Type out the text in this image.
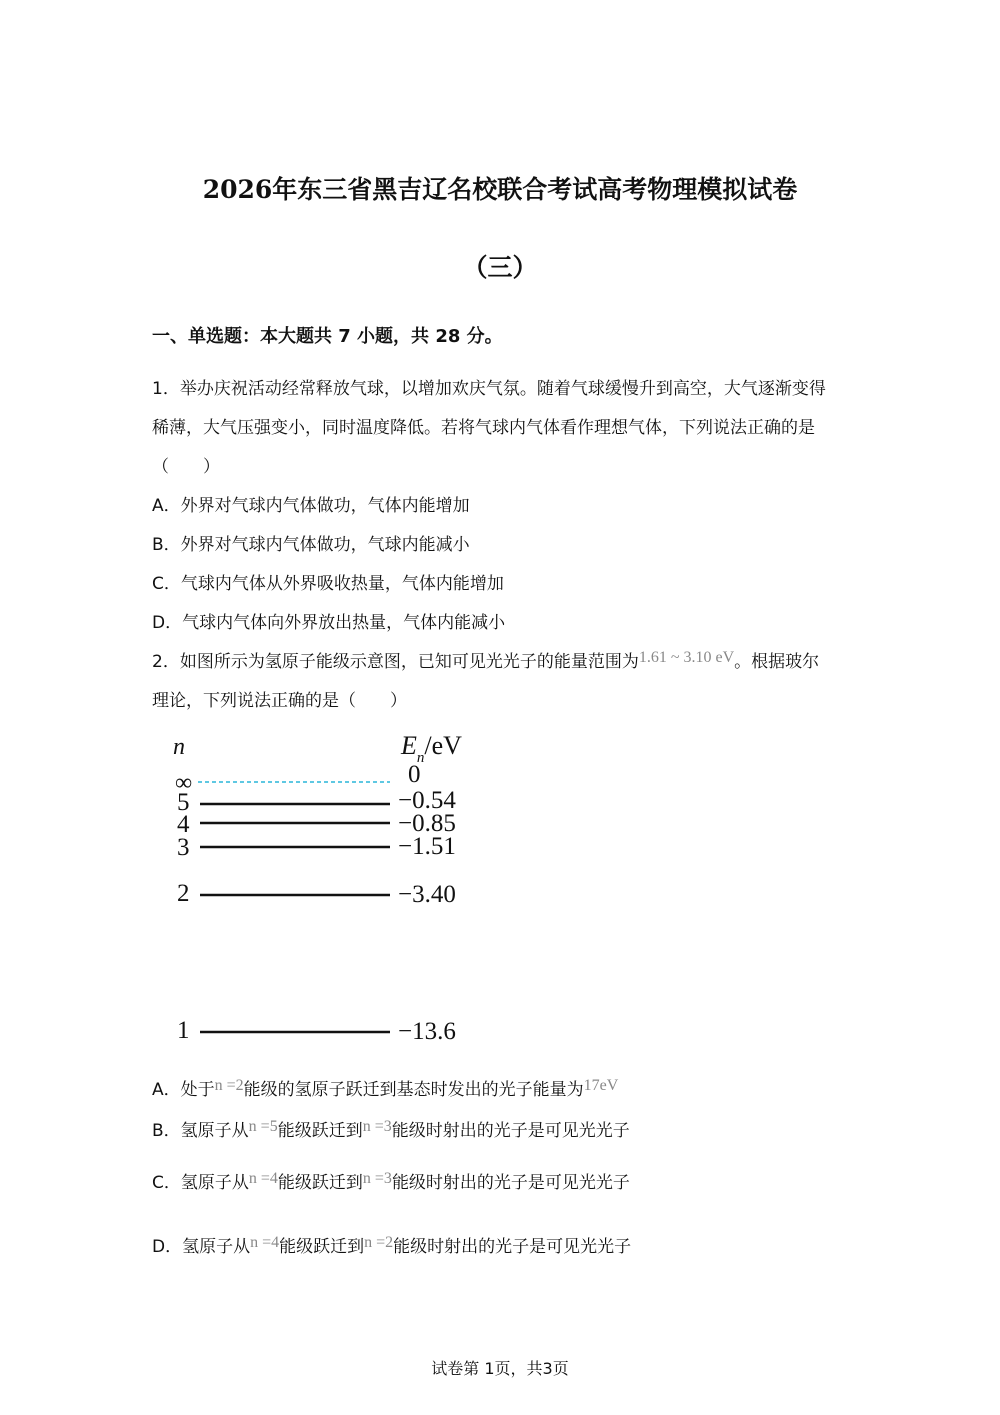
2026年东三省黑吉辽名校联合考试高考物理模拟试卷
（三）
一、单选题：本大题共 7 小题，共 28 分。
1．举办庆祝活动经常释放气球，以增加欢庆气氛。随着气球缓慢升到高空，大气逐渐变得
稀薄，大气压强变小，同时温度降低。若将气球内气体看作理想气体，下列说法正确的是
（　　）
A．外界对气球内气体做功，气体内能增加
B．外界对气球内气体做功，气球内能减小
C．气球内气体从外界吸收热量，气体内能增加
D．气球内气体向外界放出热量，气体内能减小
2．如图所示为氢原子能级示意图，已知可见光光子的能量范围为1.61 ~ 3.10 eV。根据玻尔
理论，下列说法正确的是（　　）
n	$E_n/eV$
∞	0
5	−0.54
4	−0.85
3	−1.51
2	−3.40
1	−13.6
A．处于n =2能级的氢原子跃迁到基态时发出的光子能量为17eV
B．氢原子从n =5能级跃迁到n =3能级时射出的光子是可见光光子
C．氢原子从n =4能级跃迁到n =3能级时射出的光子是可见光光子
D．氢原子从n =4能级跃迁到n =2能级时射出的光子是可见光光子
试卷第 1页，共3页
